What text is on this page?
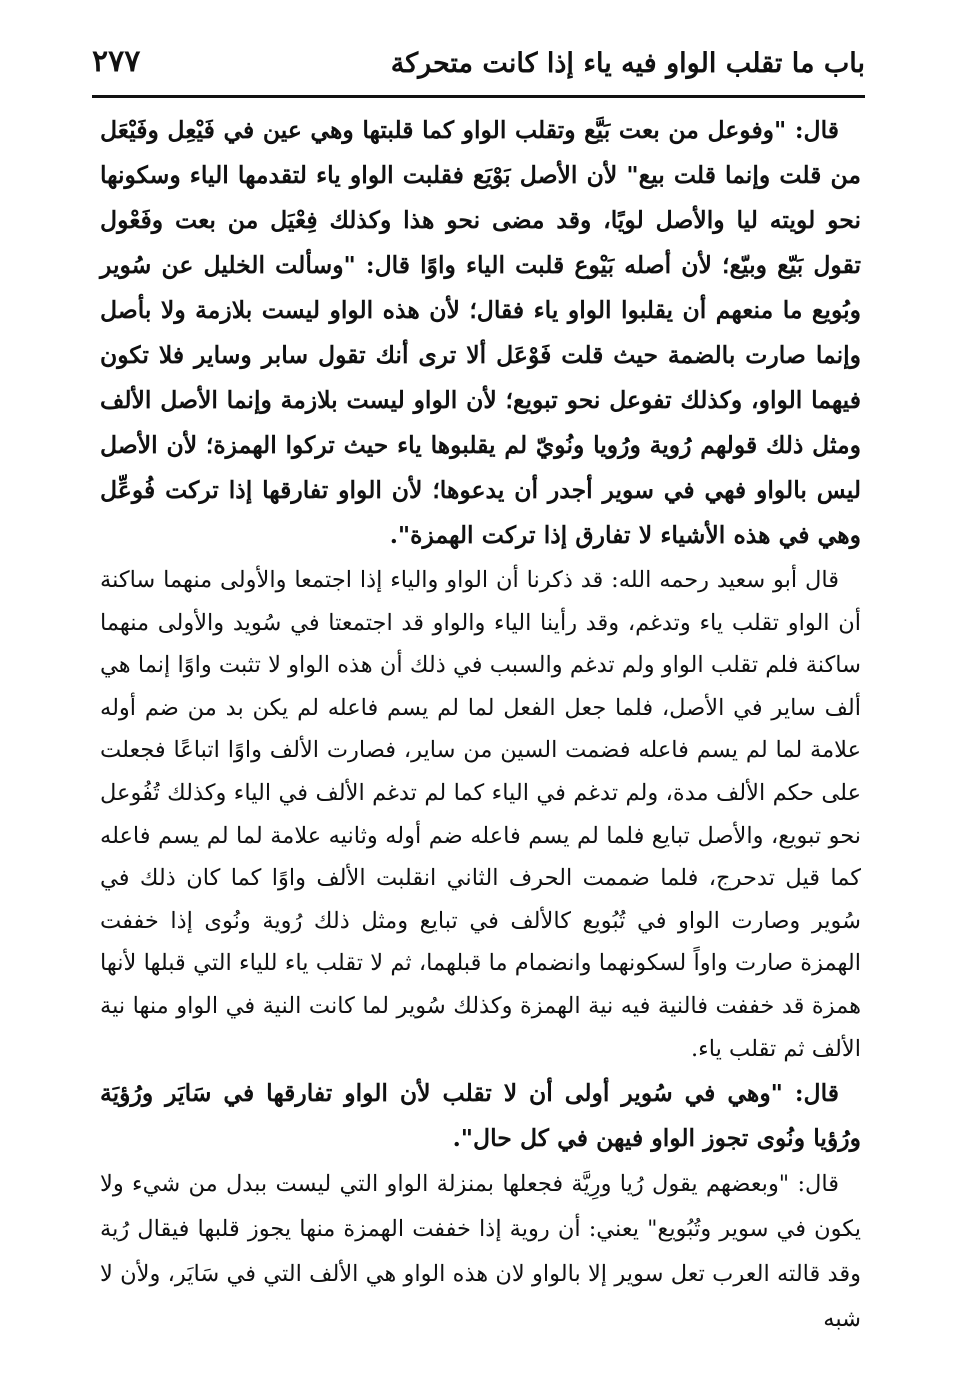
باب ما تقلب الواو فيه ياء إذا كانت متحركة
٢٧٧

قال: "وفوعل من بعت بَيَّع وتقلب الواو كما قلبتها وهي عين في فَيْعِل وفَيْعَل من قلت وإنما قلت بيع" لأن الأصل بَوْيَع فقلبت الواو ياء لتقدمها الياء وسكونها نحو لويته ليا والأصل لويًا، وقد مضى نحو هذا وكذلك فِعْيَل من بعت وفَعْول تقول بَيّع وبيّع؛ لأن أصله بَيْوع قلبت الياء واوًا قال: "وسألت الخليل عن سُوير وبُويع ما منعهم أن يقلبوا الواو ياء فقال؛ لأن هذه الواو ليست بلازمة ولا بأصل وإنما صارت بالضمة حيث قلت فَوْعَل ألا ترى أنك تقول سابر وساير فلا تكون فيهما الواو، وكذلك تفوعل نحو تبويع؛ لأن الواو ليست بلازمة وإنما الأصل الألف ومثل ذلك قولهم رُوية ورُويا ونُويّ لم يقلبوها ياء حيث تركوا الهمزة؛ لأن الأصل ليس بالواو فهي في سوير أجدر أن يدعوها؛ لأن الواو تفارقها إذا تركت فُوعِّل وهي في هذه الأشياء لا تفارق إذا تركت الهمزة".

قال أبو سعيد رحمه الله: قد ذكرنا أن الواو والياء إذا اجتمعا والأولى منهما ساكنة أن الواو تقلب ياء وتدغم، وقد رأينا الياء والواو قد اجتمعتا في سُويد والأولى منهما ساكنة فلم تقلب الواو ولم تدغم والسبب في ذلك أن هذه الواو لا تثبت واوًا إنما هي ألف ساير في الأصل، فلما جعل الفعل لما لم يسم فاعله لم يكن بد من ضم أوله علامة لما لم يسم فاعله فضمت السين من ساير، فصارت الألف واوًا اتباعًا فجعلت على حكم الألف مدة، ولم تدغم في الياء كما لم تدغم الألف في الياء وكذلك تُفُوعل نحو تبويع، والأصل تبايع فلما لم يسم فاعله ضم أوله وثانيه علامة لما لم يسم فاعله كما قيل تدحرج، فلما ضممت الحرف الثاني انقلبت الألف واوًا كما كان ذلك في سُوير وصارت الواو في تُبُويع كالألف في تبايع ومثل ذلك رُوية ونُوى إذا خففت الهمزة صارت واواً لسكونهما وانضمام ما قبلهما، ثم لا تقلب ياء للياء التي قبلها لأنها همزة قد خففت فالنية فيه نية الهمزة وكذلك سُوير لما كانت النية في الواو منها نية الألف ثم تقلب ياء.

قال: "وهي في سُوير أولى أن لا تقلب لأن الواو تفارقها في سَايَر ورُؤيَة ورُؤيا ونُوى تجوز الواو فيهن في كل حال".

قال: "وبعضهم يقول رُيا ورِيَّة فجعلها بمنزلة الواو التي ليست ببدل من شيء ولا يكون في سوير وتُبُويع" يعني: أن روية إذا خففت الهمزة منها يجوز قلبها فيقال رُية وقد قالته العرب تعل سوير إلا بالواو لان هذه الواو هي الألف التي في سَايَر، ولأن لا شبه
